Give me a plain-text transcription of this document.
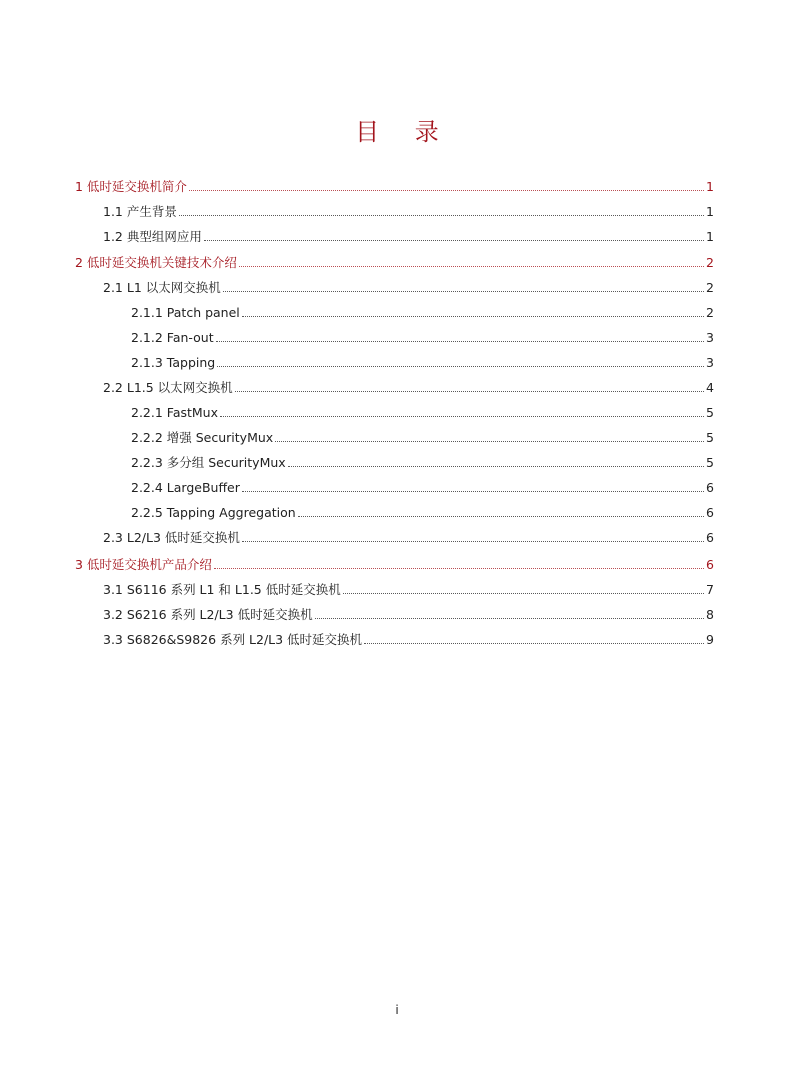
目 录
1 低时延交换机简介	1
1.1 产生背景	1
1.2 典型组网应用	1
2 低时延交换机关键技术介绍	2
2.1 L1 以太网交换机	2
2.1.1 Patch panel	2
2.1.2 Fan-out	3
2.1.3 Tapping	3
2.2 L1.5 以太网交换机	4
2.2.1 FastMux	5
2.2.2 增强 SecurityMux	5
2.2.3 多分组 SecurityMux	5
2.2.4 LargeBuffer	6
2.2.5 Tapping Aggregation	6
2.3 L2/L3 低时延交换机	6
3 低时延交换机产品介绍	6
3.1 S6116 系列 L1 和 L1.5 低时延交换机	7
3.2 S6216 系列 L2/L3 低时延交换机	8
3.3 S6826&S9826 系列 L2/L3 低时延交换机	9
i
